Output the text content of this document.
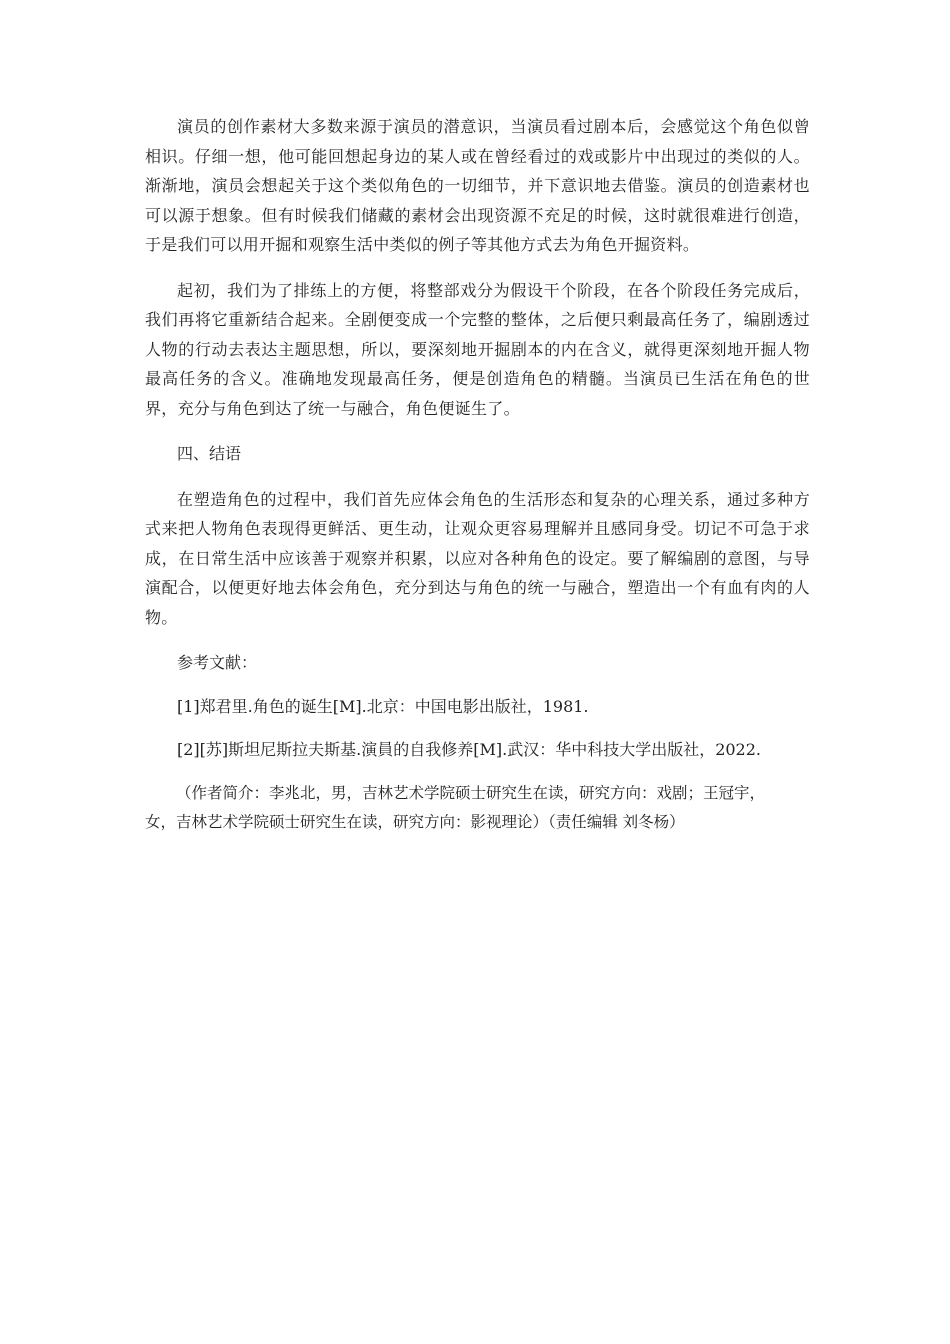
演员的创作素材大多数来源于演员的潜意识，当演员看过剧本后，会感觉这个角色似曾相识。仔细一想，他可能回想起身边的某人或在曾经看过的戏或影片中出现过的类似的人。渐渐地，演员会想起关于这个类似角色的一切细节，并下意识地去借鉴。演员的创造素材也可以源于想象。但有时候我们储藏的素材会出现资源不充足的时候，这时就很难进行创造，于是我们可以用开掘和观察生活中类似的例子等其他方式去为角色开掘资料。

起初，我们为了排练上的方便，将整部戏分为假设干个阶段，在各个阶段任务完成后，我们再将它重新结合起来。全剧便变成一个完整的整体，之后便只剩最高任务了，编剧透过人物的行动去表达主题思想，所以，要深刻地开掘剧本的内在含义，就得更深刻地开掘人物最高任务的含义。准确地发现最高任务，便是创造角色的精髓。当演员已生活在角色的世界，充分与角色到达了统一与融合，角色便诞生了。

四、结语

在塑造角色的过程中，我们首先应体会角色的生活形态和复杂的心理关系，通过多种方式来把人物角色表现得更鲜活、更生动，让观众更容易理解并且感同身受。切记不可急于求成，在日常生活中应该善于观察并积累，以应对各种角色的设定。要了解编剧的意图，与导演配合，以便更好地去体会角色，充分到达与角色的统一与融合，塑造出一个有血有肉的人物。

参考文献：

[1]郑君里.角色的诞生[M].北京：中国电影出版社，1981.

[2][苏]斯坦尼斯拉夫斯基.演員的自我修养[M].武汉：华中科技大学出版社，2022.

（作者简介：李兆北，男，吉林艺术学院硕士研究生在读，研究方向：戏剧；王冠宇，女，吉林艺术学院硕士研究生在读，研究方向：影视理论）（责任编辑 刘冬杨）
